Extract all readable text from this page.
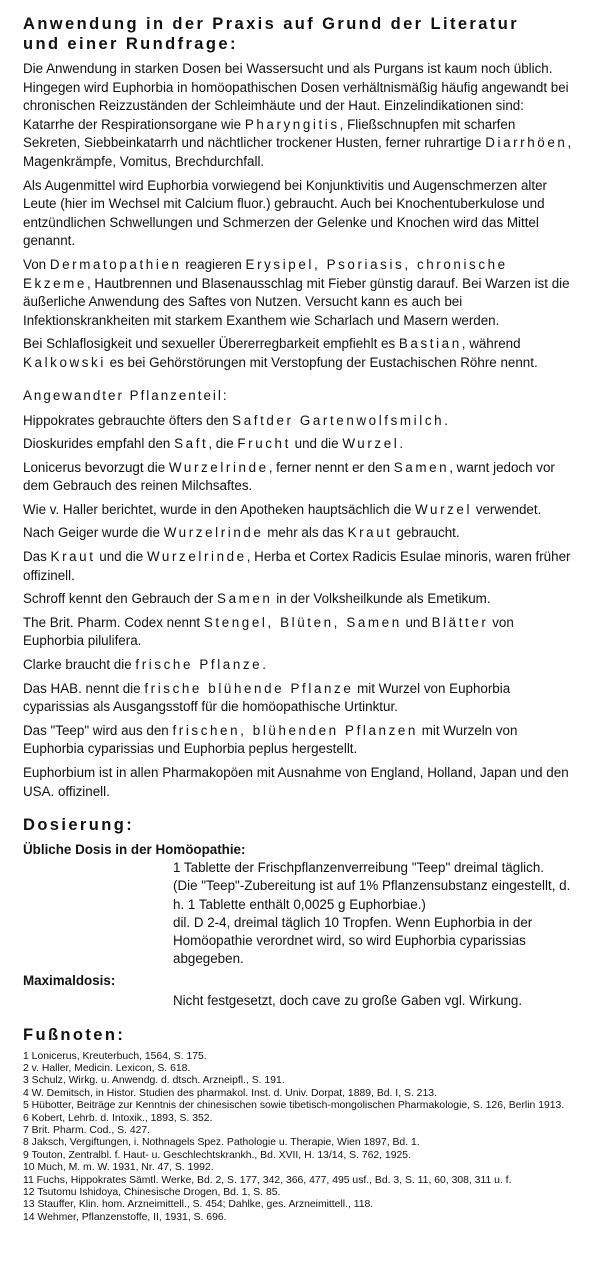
Anwendung in der Praxis auf Grund der Literatur
und einer Rundfrage:

Die Anwendung in starken Dosen bei Wassersucht und als Purgans ist kaum noch üblich. Hingegen wird Euphorbia in homöopathischen Dosen verhältnismäßig häufig angewandt bei chronischen Reizzuständen der Schleimhäute und der Haut. Einzelindikationen sind: Katarrhe der Respirationsorgane wie Pharyngitis, Fließschnupfen mit scharfen Sekreten, Siebbeinkatarrh und nächtlicher trockener Husten, ferner ruhrartige Diarrhöen, Magenkrämpfe, Vomitus, Brechdurchfall.

Als Augenmittel wird Euphorbia vorwiegend bei Konjunktivitis und Augenschmerzen alter Leute (hier im Wechsel mit Calcium fluor.) gebraucht. Auch bei Knochentuberkulose und entzündlichen Schwellungen und Schmerzen der Gelenke und Knochen wird das Mittel genannt.

Von Dermatopathien reagieren Erysipel, Psoriasis, chronische Ekzeme, Hautbrennen und Blasenausschlag mit Fieber günstig darauf. Bei Warzen ist die äußerliche Anwendung des Saftes von Nutzen. Versucht kann es auch bei Infektionskrankheiten mit starkem Exanthem wie Scharlach und Masern werden.

Bei Schlaflosigkeit und sexueller Übererregbarkeit empfiehlt es Bastian, während Kalkowski es bei Gehörstörungen mit Verstopfung der Eustachischen Röhre nennt.

Angewandter Pflanzenteil:

Hippokrates gebrauchte öfters den Saftder Gartenwolfsmilch.

Dioskurides empfahl den Saft, die Frucht und die Wurzel.

Lonicerus bevorzugt die Wurzelrinde, ferner nennt er den Samen, warnt jedoch vor dem Gebrauch des reinen Milchsaftes.

Wie v. Haller berichtet, wurde in den Apotheken hauptsächlich die Wurzel verwendet.

Nach Geiger wurde die Wurzelrinde mehr als das Kraut gebraucht.

Das Kraut und die Wurzelrinde, Herba et Cortex Radicis Esulae minoris, waren früher offizinell.

Schroff kennt den Gebrauch der Samen in der Volksheilkunde als Emetikum.

The Brit. Pharm. Codex nennt Stengel, Blüten, Samen und Blätter von Euphorbia pilulifera.

Clarke braucht die frische Pflanze.

Das HAB. nennt die frische blühende Pflanze mit Wurzel von Euphorbia cyparissias als Ausgangsstoff für die homöopathische Urtinktur.

Das "Teep" wird aus den frischen, blühenden Pflanzen mit Wurzeln von Euphorbia cyparissias und Euphorbia peplus hergestellt.

Euphorbium ist in allen Pharmakopöen mit Ausnahme von England, Holland, Japan und den USA. offizinell.

Dosierung:
Übliche Dosis in der Homöopathie:
1 Tablette der Frischpflanzenverreibung "Teep" dreimal täglich.
(Die "Teep"-Zubereitung ist auf 1% Pflanzensubstanz eingestellt, d. h. 1 Tablette enthält 0,0025 g Euphorbiae.)
dil. D 2-4, dreimal täglich 10 Tropfen. Wenn Euphorbia in der Homöopathie verordnet wird, so wird Euphorbia cyparissias abgegeben.
Maximaldosis:
Nicht festgesetzt, doch cave zu große Gaben vgl. Wirkung.
Fußnoten:

1 Lonicerus, Kreuterbuch, 1564, S. 175.

2 v. Haller, Medicin. Lexicon, S. 618.

3 Schulz, Wirkg. u. Anwendg. d. dtsch. Arzneipfl., S. 191.

4 W. Demitsch, in Histor. Studien des pharmakol. Inst. d. Univ. Dorpat, 1889, Bd. I, S. 213.

5 Hübotter, Beiträge zur Kenntnis der chinesischen sowie tibetisch-mongolischen Pharmakologie, S. 126, Berlin 1913.

6 Kobert, Lehrb. d. Intoxik., 1893, S. 352.

7 Brit. Pharm. Cod., S. 427.

8 Jaksch, Vergiftungen, i. Nothnagels Spez. Pathologie u. Therapie, Wien 1897, Bd. 1.

9 Touton, Zentralbl. f. Haut- u. Geschlechtskrankh., Bd. XVII, H. 13/14, S. 762, 1925.

10 Much, M. m. W. 1931, Nr. 47, S. 1992.

11 Fuchs, Hippokrates Sämtl. Werke, Bd. 2, S. 177, 342, 366, 477, 495 usf., Bd. 3, S. 11, 60, 308, 311 u. f.

12 Tsutomu Ishidoya, Chinesische Drogen, Bd. 1, S. 85.

13 Stauffer, Klin. hom. Arzneimittell., S. 454; Dahlke, ges. Arzneimittell., 118.

14 Wehmer, Pflanzenstoffe, II, 1931, S. 696.
